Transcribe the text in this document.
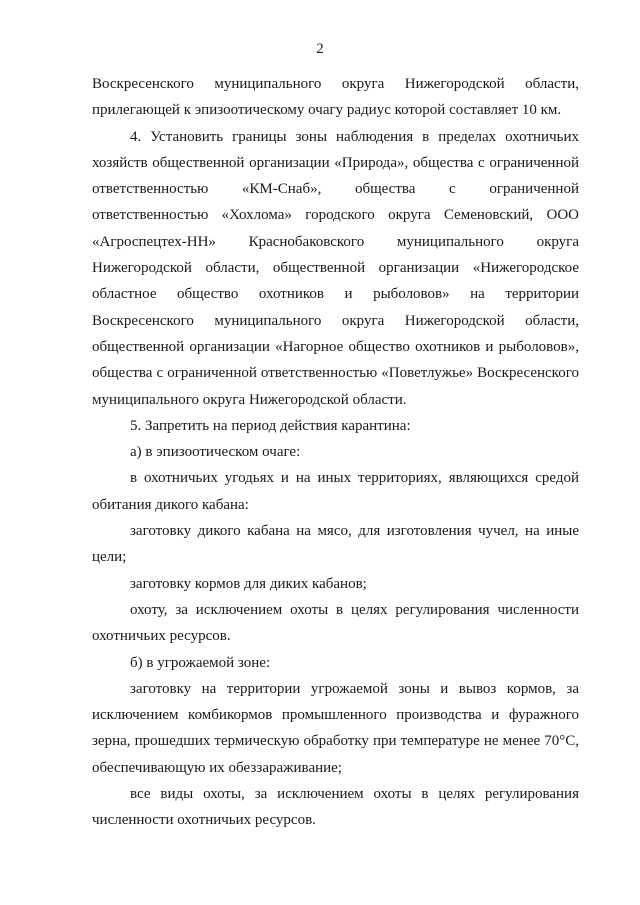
2

Воскресенского муниципального округа Нижегородской области, прилегающей к эпизоотическому очагу радиус которой составляет 10 км.

4. Установить границы зоны наблюдения в пределах охотничьих хозяйств общественной организации «Природа», общества с ограниченной ответственностью «КМ-Снаб», общества с ограниченной ответственностью «Хохлома» городского округа Семеновский, ООО «Агроспецтех-НН» Краснобаковского муниципального округа Нижегородской области, общественной организации «Нижегородское областное общество охотников и рыболовов» на территории Воскресенского муниципального округа Нижегородской области, общественной организации «Нагорное общество охотников и рыболовов», общества с ограниченной ответственностью «Поветлужье» Воскресенского муниципального округа Нижегородской области.

5. Запретить на период действия карантина:

а) в эпизоотическом очаге:

в охотничьих угодьях и на иных территориях, являющихся средой обитания дикого кабана:

заготовку дикого кабана на мясо, для изготовления чучел, на иные цели;

заготовку кормов для диких кабанов;

охоту, за исключением охоты в целях регулирования численности охотничьих ресурсов.

б) в угрожаемой зоне:

заготовку на территории угрожаемой зоны и вывоз кормов, за исключением комбикормов промышленного производства и фуражного зерна, прошедших термическую обработку при температуре не менее 70°С, обеспечивающую их обеззараживание;

все виды охоты, за исключением охоты в целях регулирования численности охотничьих ресурсов.
